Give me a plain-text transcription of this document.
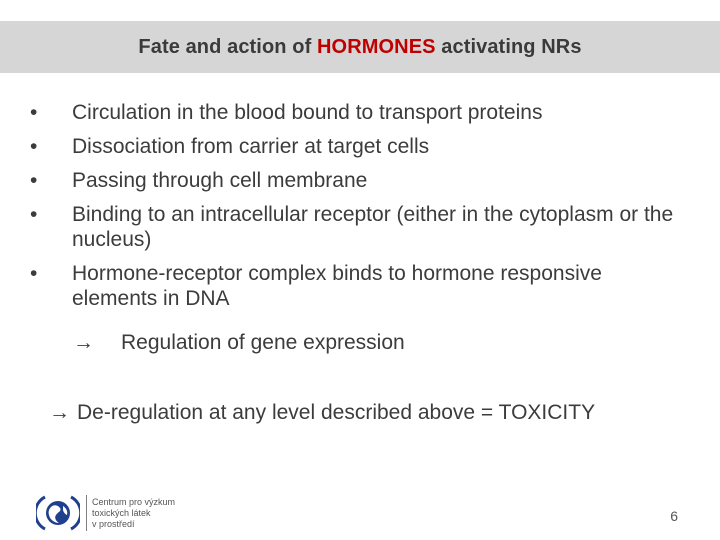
Fate and action of HORMONES activating NRs
•	Circulation in the blood bound to transport proteins
•	Dissociation from carrier at target cells
•	Passing through cell membrane
•	Binding to an intracellular receptor (either in the cytoplasm or the nucleus)
•	Hormone-receptor complex binds to hormone responsive elements in DNA
→	Regulation of gene expression
→ De-regulation at any level described above = TOXICITY
Centrum pro výzkum
toxických látek
v prostředí	6
